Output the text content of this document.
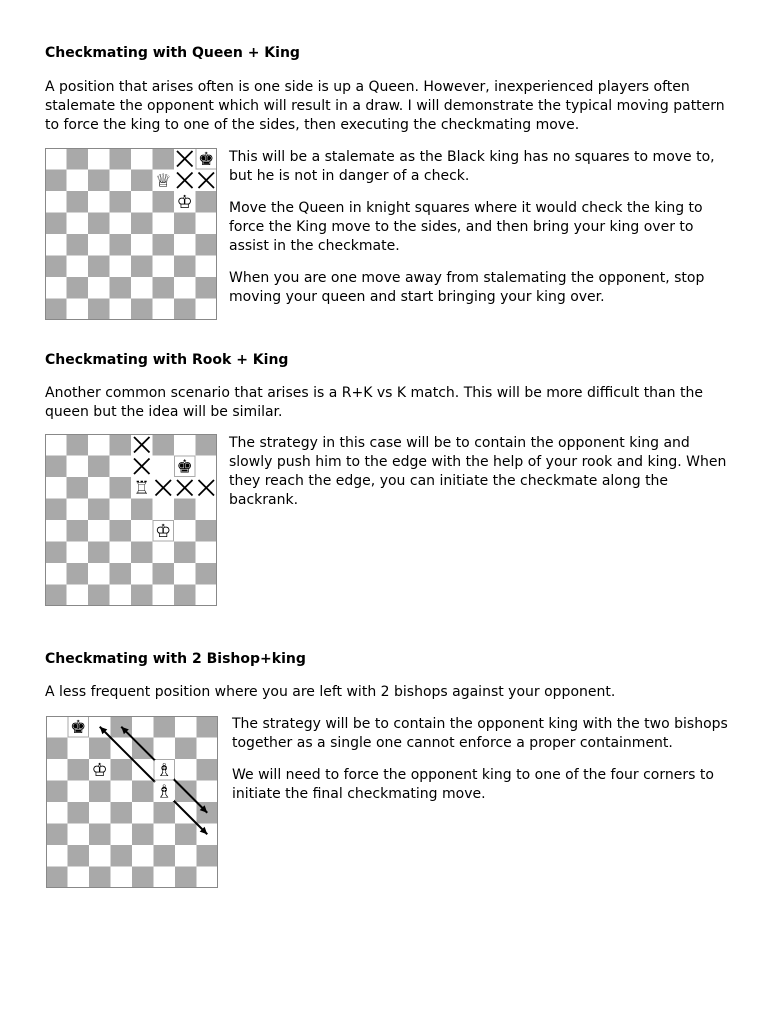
Checkmating with Queen + King

A position that arises often is one side is up a Queen. However, inexperienced players often stalemate the opponent which will result in a draw. I will demonstrate the typical moving pattern to force the king to one of the sides, then executing the checkmating move.

♚
♕
♔

This will be a stalemate as the Black king has no squares to move to, but he is not in danger of a check.

Move the Queen in knight squares where it would check the king to force the King move to the sides, and then bring your king over to assist in the checkmate.

When you are one move away from stalemating the opponent, stop moving your queen and start bringing your king over.

Checkmating with Rook + King

Another common scenario that arises is a R+K vs K match. This will be more difficult than the queen but the idea will be similar.

♚
♖
♔

The strategy in this case will be to contain the opponent king and slowly push him to the edge with the help of your rook and king. When they reach the edge, you can initiate the checkmate along the backrank.

Checkmating with 2 Bishop+king

A less frequent position where you are left with 2 bishops against your opponent.

♚
♔	♗
♗

The strategy will be to contain the opponent king with the two bishops together as a single one cannot enforce a proper containment.

We will need to force the opponent king to one of the four corners to initiate the final checkmating move.
